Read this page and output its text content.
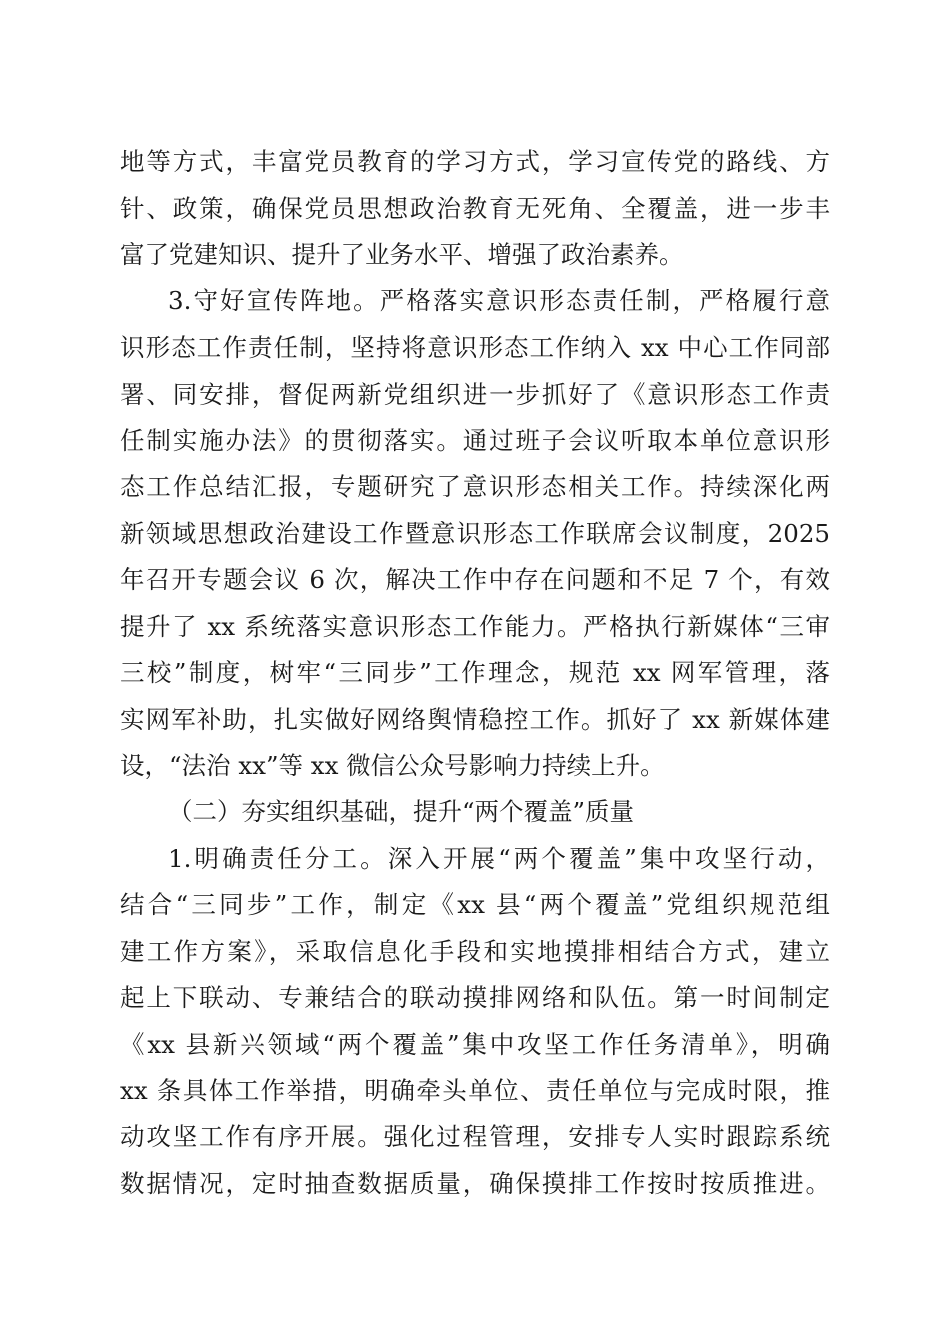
地等方式，丰富党员教育的学习方式，学习宣传党的路线、方
针、政策，确保党员思想政治教育无死角、全覆盖，进一步丰
富了党建知识、提升了业务水平、增强了政治素养。
3.守好宣传阵地。严格落实意识形态责任制，严格履行意
识形态工作责任制，坚持将意识形态工作纳入 xx 中心工作同部
署、同安排，督促两新党组织进一步抓好了《意识形态工作责
任制实施办法》的贯彻落实。通过班子会议听取本单位意识形
态工作总结汇报，专题研究了意识形态相关工作。持续深化两
新领域思想政治建设工作暨意识形态工作联席会议制度，2025
年召开专题会议 6 次，解决工作中存在问题和不足 7 个，有效
提升了 xx 系统落实意识形态工作能力。严格执行新媒体“三审
三校”制度，树牢“三同步”工作理念，规范 xx 网军管理，落
实网军补助，扎实做好网络舆情稳控工作。抓好了 xx 新媒体建
设，“法治 xx”等 xx 微信公众号影响力持续上升。
（二）夯实组织基础，提升“两个覆盖”质量
1.明确责任分工。深入开展“两个覆盖”集中攻坚行动，
结合“三同步”工作，制定《xx 县“两个覆盖”党组织规范组
建工作方案》，采取信息化手段和实地摸排相结合方式，建立
起上下联动、专兼结合的联动摸排网络和队伍。第一时间制定
《xx 县新兴领域“两个覆盖”集中攻坚工作任务清单》，明确
xx 条具体工作举措，明确牵头单位、责任单位与完成时限，推
动攻坚工作有序开展。强化过程管理，安排专人实时跟踪系统
数据情况，定时抽查数据质量，确保摸排工作按时按质推进。
